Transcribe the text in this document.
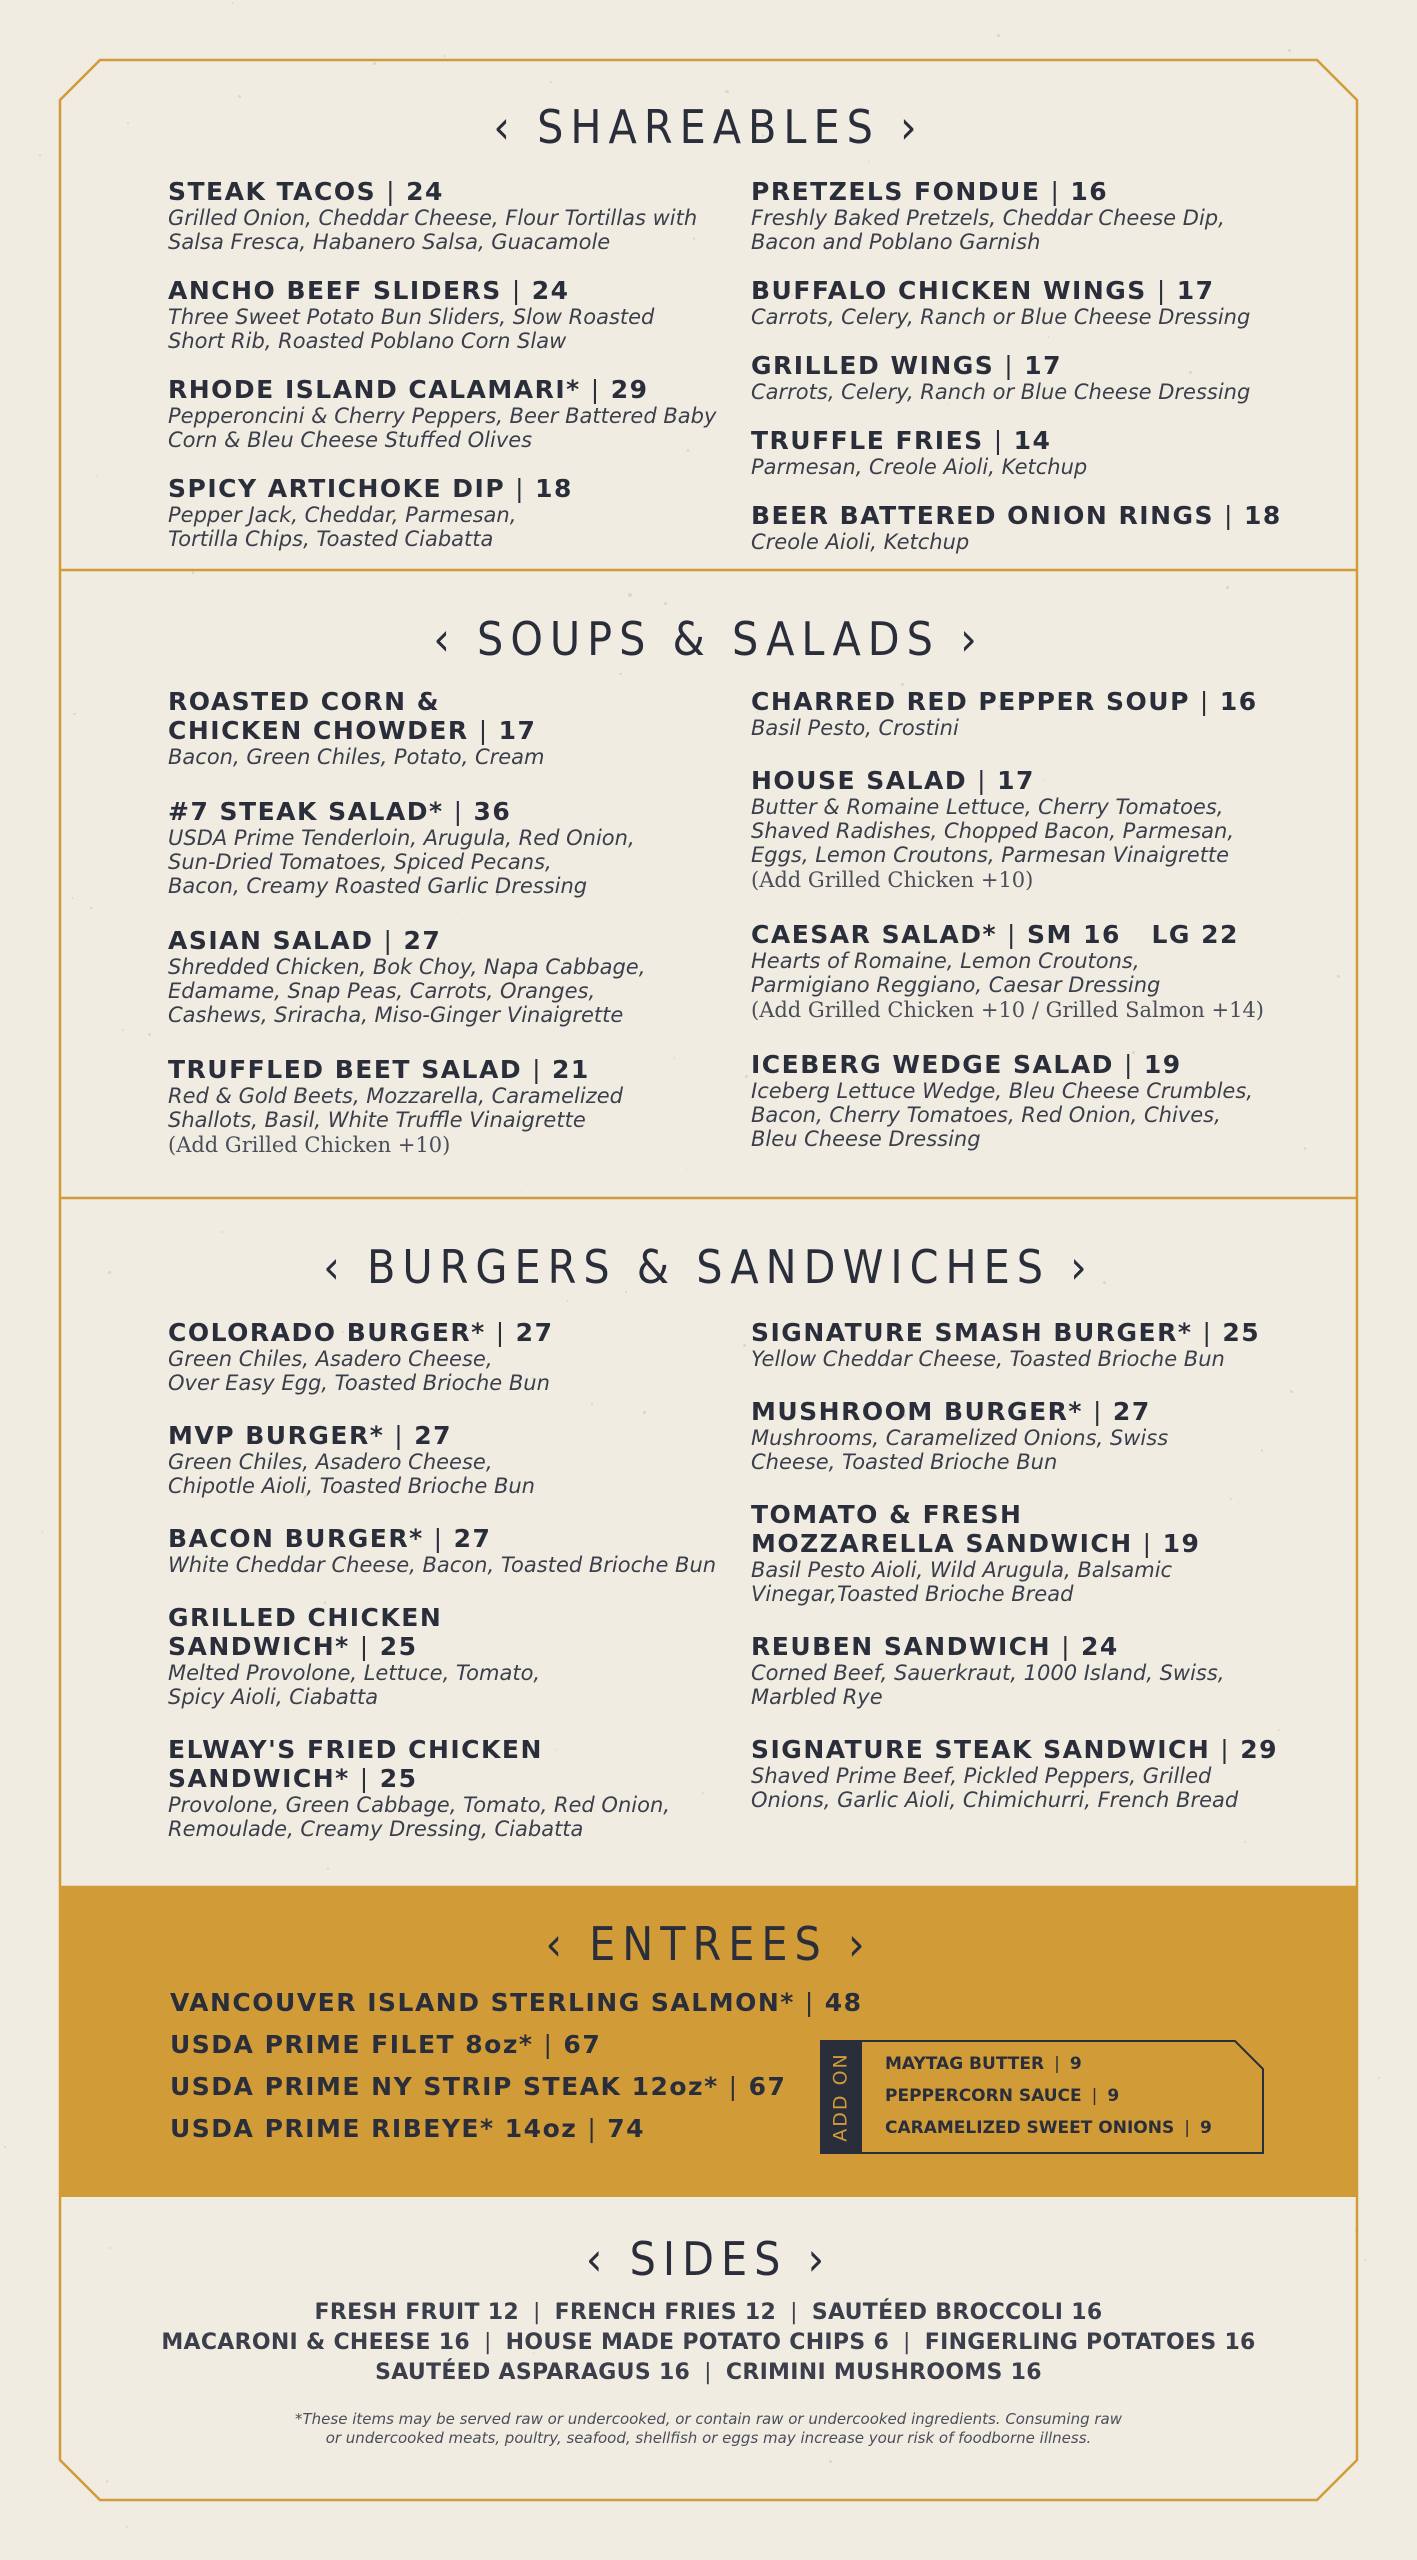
‹ SHAREABLES ›
STEAK TACOS | 24
Grilled Onion, Cheddar Cheese, Flour Tortillas with
Salsa Fresca, Habanero Salsa, Guacamole
ANCHO BEEF SLIDERS | 24
Three Sweet Potato Bun Sliders, Slow Roasted
Short Rib, Roasted Poblano Corn Slaw
RHODE ISLAND CALAMARI* | 29
Pepperoncini & Cherry Peppers, Beer Battered Baby
Corn & Bleu Cheese Stuffed Olives
SPICY ARTICHOKE DIP | 18
Pepper Jack, Cheddar, Parmesan,
Tortilla Chips, Toasted Ciabatta
PRETZELS FONDUE | 16
Freshly Baked Pretzels, Cheddar Cheese Dip,
Bacon and Poblano Garnish
BUFFALO CHICKEN WINGS | 17
Carrots, Celery, Ranch or Blue Cheese Dressing
GRILLED WINGS | 17
Carrots, Celery, Ranch or Blue Cheese Dressing
TRUFFLE FRIES | 14
Parmesan, Creole Aioli, Ketchup
BEER BATTERED ONION RINGS | 18
Creole Aioli, Ketchup
‹ SOUPS & SALADS ›
ROASTED CORN &
CHICKEN CHOWDER | 17
Bacon, Green Chiles, Potato, Cream
#7 STEAK SALAD* | 36
USDA Prime Tenderloin, Arugula, Red Onion,
Sun-Dried Tomatoes, Spiced Pecans,
Bacon, Creamy Roasted Garlic Dressing
ASIAN SALAD | 27
Shredded Chicken, Bok Choy, Napa Cabbage,
Edamame, Snap Peas, Carrots, Oranges,
Cashews, Sriracha, Miso-Ginger Vinaigrette
TRUFFLED BEET SALAD | 21
Red & Gold Beets, Mozzarella, Caramelized
Shallots, Basil, White Truffle Vinaigrette
(Add Grilled Chicken +10)
CHARRED RED PEPPER SOUP | 16
Basil Pesto, Crostini
HOUSE SALAD | 17
Butter & Romaine Lettuce, Cherry Tomatoes,
Shaved Radishes, Chopped Bacon, Parmesan,
Eggs, Lemon Croutons, Parmesan Vinaigrette
(Add Grilled Chicken +10)
CAESAR SALAD* | SM 16   LG 22
Hearts of Romaine, Lemon Croutons,
Parmigiano Reggiano, Caesar Dressing
(Add Grilled Chicken +10 / Grilled Salmon +14)
ICEBERG WEDGE SALAD | 19
Iceberg Lettuce Wedge, Bleu Cheese Crumbles,
Bacon, Cherry Tomatoes, Red Onion, Chives,
Bleu Cheese Dressing
‹ BURGERS & SANDWICHES ›
COLORADO BURGER* | 27
Green Chiles, Asadero Cheese,
Over Easy Egg, Toasted Brioche Bun
MVP BURGER* | 27
Green Chiles, Asadero Cheese,
Chipotle Aioli, Toasted Brioche Bun
BACON BURGER* | 27
White Cheddar Cheese, Bacon, Toasted Brioche Bun
GRILLED CHICKEN
SANDWICH* | 25
Melted Provolone, Lettuce, Tomato,
Spicy Aioli, Ciabatta
ELWAY'S FRIED CHICKEN
SANDWICH* | 25
Provolone, Green Cabbage, Tomato, Red Onion,
Remoulade, Creamy Dressing, Ciabatta
SIGNATURE SMASH BURGER* | 25
Yellow Cheddar Cheese, Toasted Brioche Bun
MUSHROOM BURGER* | 27
Mushrooms, Caramelized Onions, Swiss
Cheese, Toasted Brioche Bun
TOMATO & FRESH
MOZZARELLA SANDWICH | 19
Basil Pesto Aioli, Wild Arugula, Balsamic
Vinegar,Toasted Brioche Bread
REUBEN SANDWICH | 24
Corned Beef, Sauerkraut, 1000 Island, Swiss,
Marbled Rye
SIGNATURE STEAK SANDWICH | 29
Shaved Prime Beef, Pickled Peppers, Grilled
Onions, Garlic Aioli, Chimichurri, French Bread
‹ ENTREES ›
VANCOUVER ISLAND STERLING SALMON* | 48
USDA PRIME FILET 8oz* | 67
USDA PRIME NY STRIP STEAK 12oz* | 67
USDA PRIME RIBEYE* 14oz | 74	ADD ON MAYTAG BUTTER | 9
PEPPERCORN SAUCE | 9
CARAMELIZED SWEET ONIONS | 9
‹ SIDES ›
FRESH FRUIT 12 | FRENCH FRIES 12 | SAUTÉED BROCCOLI 16
MACARONI & CHEESE 16 | HOUSE MADE POTATO CHIPS 6 | FINGERLING POTATOES 16
SAUTÉED ASPARAGUS 16 | CRIMINI MUSHROOMS 16
*These items may be served raw or undercooked, or contain raw or undercooked ingredients. Consuming raw
or undercooked meats, poultry, seafood, shellfish or eggs may increase your risk of foodborne illness.
